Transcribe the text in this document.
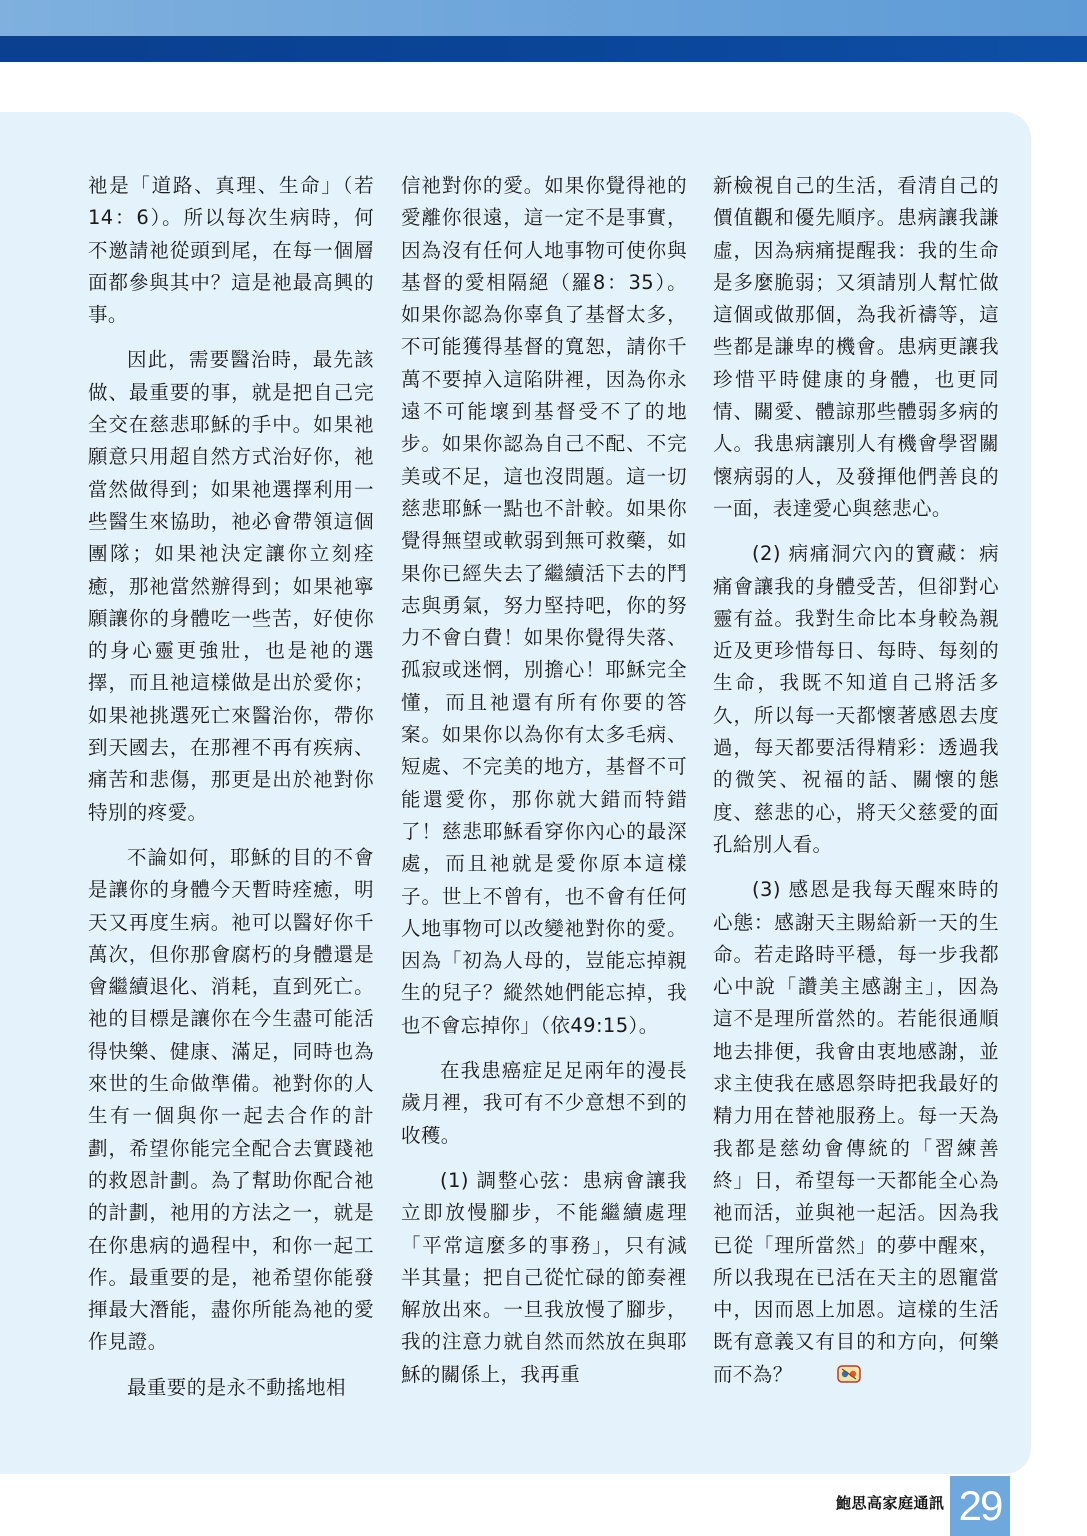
祂是「道路、真理、生命」（若14：6）。所以每次生病時，何不邀請祂從頭到尾，在每一個層面都參與其中？這是祂最高興的事。

因此，需要醫治時，最先該做、最重要的事，就是把自己完全交在慈悲耶穌的手中。如果祂願意只用超自然方式治好你，祂當然做得到；如果祂選擇利用一些醫生來協助，祂必會帶領這個團隊；如果祂決定讓你立刻痊癒，那祂當然辦得到；如果祂寧願讓你的身體吃一些苦，好使你的身心靈更強壯，也是祂的選擇，而且祂這樣做是出於愛你；如果祂挑選死亡來醫治你，帶你到天國去，在那裡不再有疾病、痛苦和悲傷，那更是出於祂對你特別的疼愛。

不論如何，耶穌的目的不會是讓你的身體今天暫時痊癒，明天又再度生病。祂可以醫好你千萬次，但你那會腐朽的身體還是會繼續退化、消耗，直到死亡。祂的目標是讓你在今生盡可能活得快樂、健康、滿足，同時也為來世的生命做準備。祂對你的人生有一個與你一起去合作的計劃，希望你能完全配合去實踐祂的救恩計劃。為了幫助你配合祂的計劃，祂用的方法之一，就是在你患病的過程中，和你一起工作。最重要的是，祂希望你能發揮最大潛能，盡你所能為祂的愛作見證。

最重要的是永不動搖地相

信祂對你的愛。如果你覺得祂的愛離你很遠，這一定不是事實，因為沒有任何人地事物可使你與基督的愛相隔絕（羅8：35）。如果你認為你辜負了基督太多，不可能獲得基督的寬恕，請你千萬不要掉入這陷阱裡，因為你永遠不可能壞到基督受不了的地步。如果你認為自己不配、不完美或不足，這也沒問題。這一切慈悲耶穌一點也不計較。如果你覺得無望或軟弱到無可救藥，如果你已經失去了繼續活下去的鬥志與勇氣，努力堅持吧，你的努力不會白費！如果你覺得失落、孤寂或迷惘，別擔心！耶穌完全懂，而且祂還有所有你要的答案。如果你以為你有太多毛病、短處、不完美的地方，基督不可能還愛你，那你就大錯而特錯了！慈悲耶穌看穿你內心的最深處，而且祂就是愛你原本這樣子。世上不曾有，也不會有任何人地事物可以改變祂對你的愛。因為「初為人母的，豈能忘掉親生的兒子？縱然她們能忘掉，我也不會忘掉你」（依49:15）。

在我患癌症足足兩年的漫長歲月裡，我可有不少意想不到的收穫。

(1) 調整心弦：患病會讓我立即放慢腳步，不能繼續處理「平常這麼多的事務」，只有減半其量；把自己從忙碌的節奏裡解放出來。一旦我放慢了腳步，我的注意力就自然而然放在與耶穌的關係上，我再重

新檢視自己的生活，看清自己的價值觀和優先順序。患病讓我謙虛，因為病痛提醒我：我的生命是多麼脆弱；又須請別人幫忙做這個或做那個，為我祈禱等，這些都是謙卑的機會。患病更讓我珍惜平時健康的身體，也更同情、關愛、體諒那些體弱多病的人。我患病讓別人有機會學習關懷病弱的人，及發揮他們善良的一面，表達愛心與慈悲心。

(2) 病痛洞穴內的寶藏：病痛會讓我的身體受苦，但卻對心靈有益。我對生命比本身較為親近及更珍惜每日、每時、每刻的生命，我既不知道自己將活多久，所以每一天都懷著感恩去度過，每天都要活得精彩：透過我的微笑、祝福的話、關懷的態度、慈悲的心，將天父慈愛的面孔給別人看。

(3) 感恩是我每天醒來時的心態：感謝天主賜給新一天的生命。若走路時平穩，每一步我都心中說「讚美主感謝主」，因為這不是理所當然的。若能很通順地去排便，我會由衷地感謝，並求主使我在感恩祭時把我最好的精力用在替祂服務上。每一天為我都是慈幼會傳統的「習練善終」日，希望每一天都能全心為祂而活，並與祂一起活。因為我已從「理所當然」的夢中醒來，所以我現在已活在天主的恩寵當中，因而恩上加恩。這樣的生活既有意義又有目的和方向，何樂而不為？

鮑思高家庭通訊 29
